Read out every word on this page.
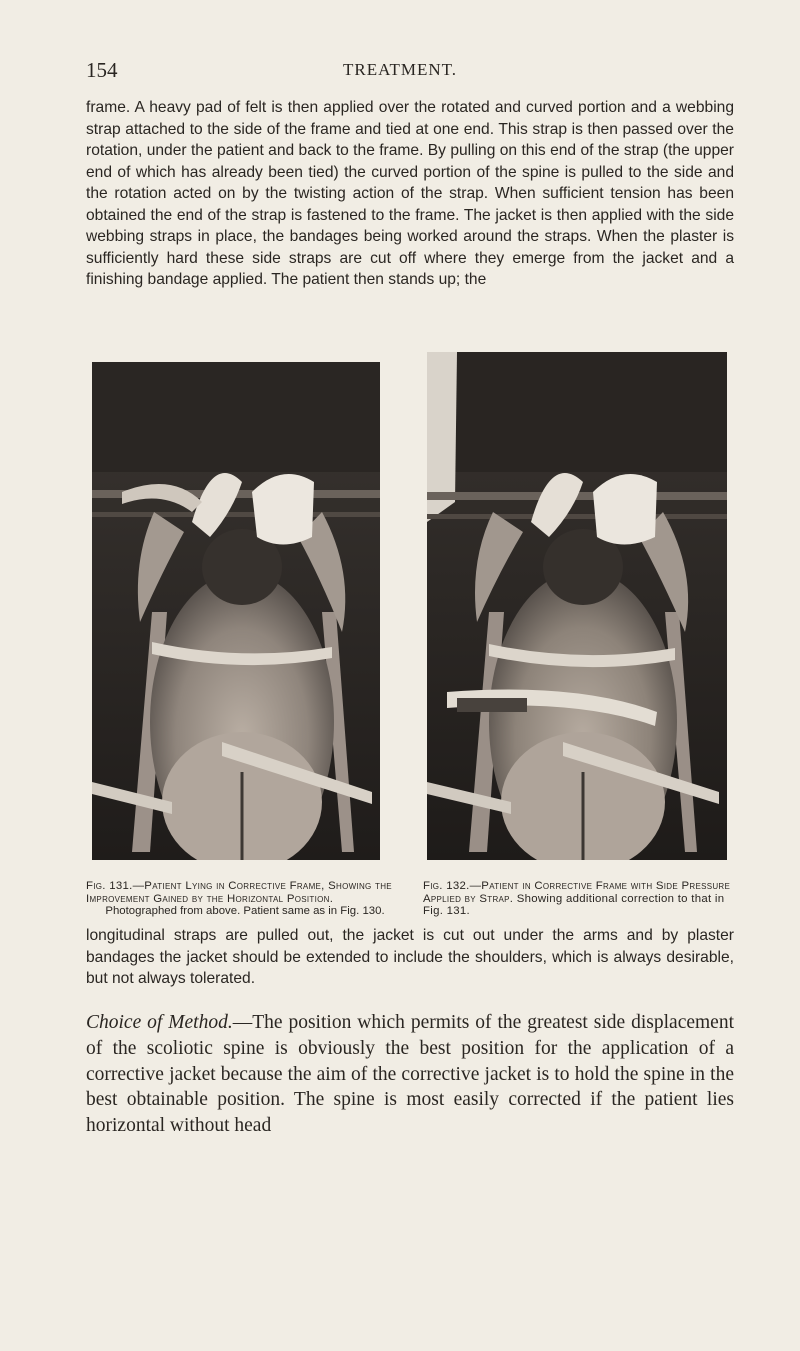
154	TREATMENT.

frame. A heavy pad of felt is then applied over the rotated and curved portion and a webbing strap attached to the side of the frame and tied at one end. This strap is then passed over the rotation, under the patient and back to the frame. By pulling on this end of the strap (the upper end of which has already been tied) the curved portion of the spine is pulled to the side and the rotation acted on by the twisting action of the strap. When sufficient tension has been obtained the end of the strap is fastened to the frame. The jacket is then applied with the side webbing straps in place, the bandages being worked around the straps. When the plaster is sufficiently hard these side straps are cut off where they emerge from the jacket and a finishing bandage applied. The patient then stands up; the

Fig. 131.—Patient Lying in Corrective Frame, Showing the Improvement Gained by the Horizontal Position.
Photographed from above. Patient same as in Fig. 130.
Fig. 132.—Patient in Corrective Frame with Side Pressure Applied by Strap. Showing additional correction to that in Fig. 131.

longitudinal straps are pulled out, the jacket is cut out under the arms and by plaster bandages the jacket should be extended to include the shoulders, which is always desirable, but not always tolerated.

Choice of Method.—The position which permits of the greatest side displacement of the scoliotic spine is obviously the best position for the application of a corrective jacket because the aim of the corrective jacket is to hold the spine in the best obtainable position. The spine is most easily corrected if the patient lies horizontal without head
